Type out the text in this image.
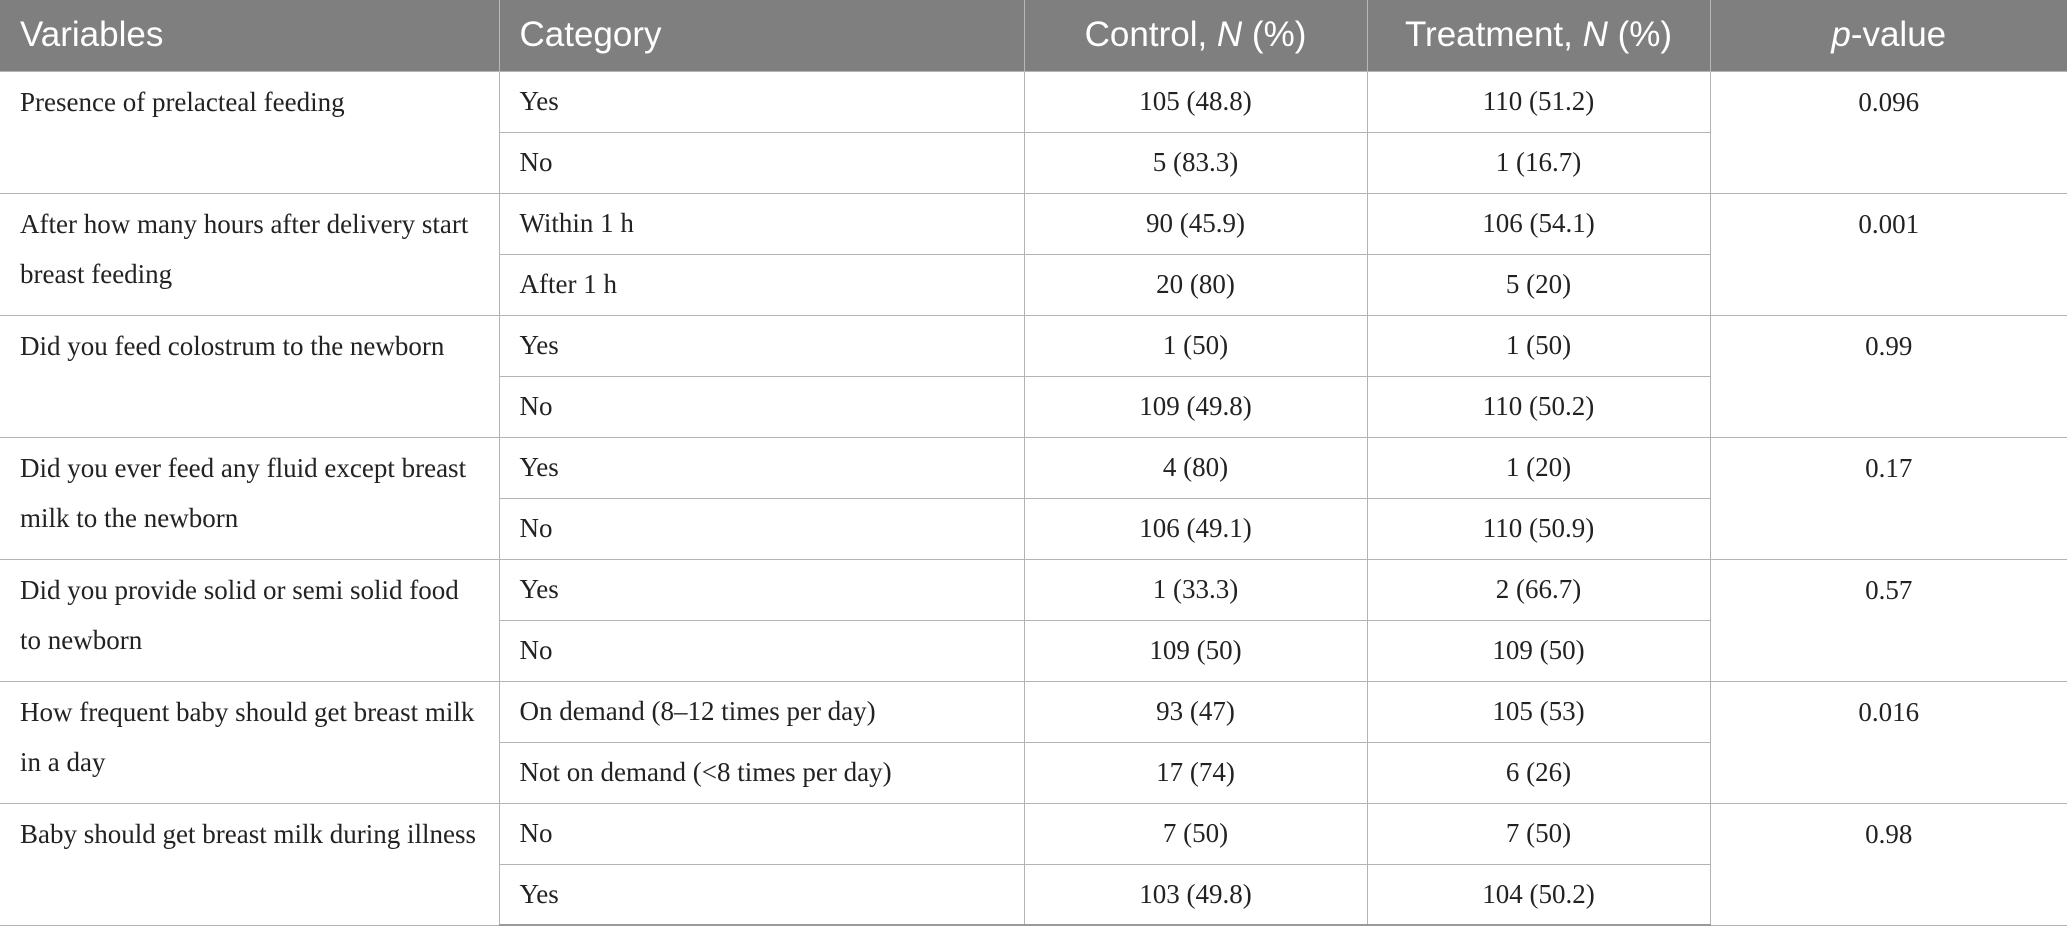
Variables	Category	Control, N (%)	Treatment, N (%)	p-value
Presence of prelacteal feeding	Yes	105 (48.8)	110 (51.2)	0.096
	No	5 (83.3)	1 (16.7)	
After how many hours after delivery start breast feeding	Within 1 h	90 (45.9)	106 (54.1)	0.001
	After 1 h	20 (80)	5 (20)	
Did you feed colostrum to the newborn	Yes	1 (50)	1 (50)	0.99
	No	109 (49.8)	110 (50.2)	
Did you ever feed any fluid except breast milk to the newborn	Yes	4 (80)	1 (20)	0.17
	No	106 (49.1)	110 (50.9)	
Did you provide solid or semi solid food to newborn	Yes	1 (33.3)	2 (66.7)	0.57
	No	109 (50)	109 (50)	
How frequent baby should get breast milk in a day	On demand (8–12 times per day)	93 (47)	105 (53)	0.016
	Not on demand (<8 times per day)	17 (74)	6 (26)	
Baby should get breast milk during illness	No	7 (50)	7 (50)	0.98
	Yes	103 (49.8)	104 (50.2)	
